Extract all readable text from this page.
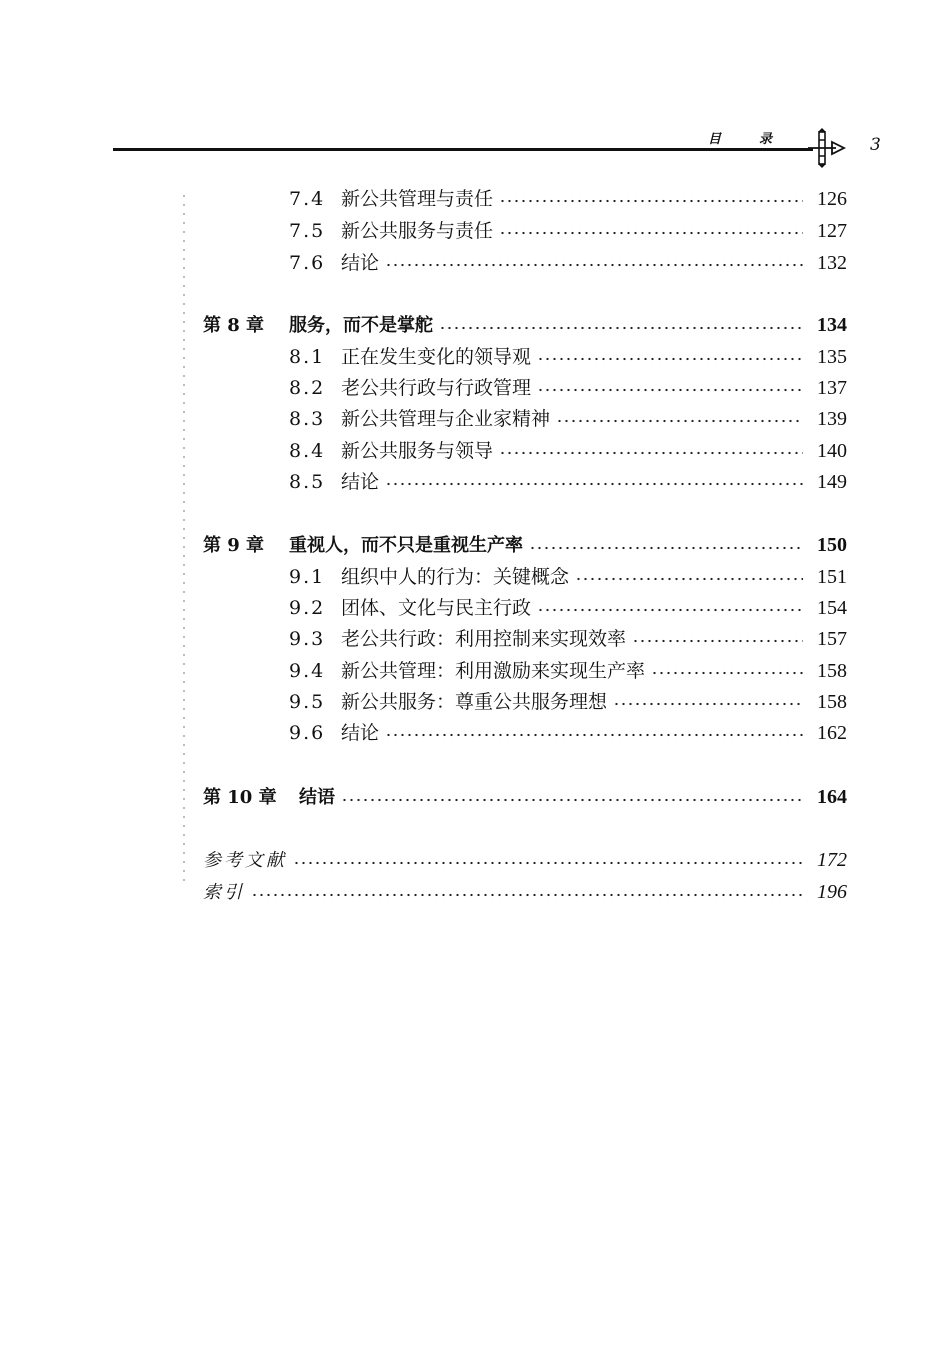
目	录	3
7.4 新公共管理与责任	126
7.5 新公共服务与责任	127
7.6 结论	132
第 8 章	服务，而不是掌舵	134
8.1 正在发生变化的领导观	135
8.2 老公共行政与行政管理	137
8.3 新公共管理与企业家精神	139
8.4 新公共服务与领导	140
8.5 结论	149
第 9 章	重视人，而不只是重视生产率	150
9.1 组织中人的行为：关键概念	151
9.2 团体、文化与民主行政	154
9.3 老公共行政：利用控制来实现效率	157
9.4 新公共管理：利用激励来实现生产率	158
9.5 新公共服务：尊重公共服务理想	158
9.6 结论	162
第 10 章	结语	164
参考文献	172
索引	196
